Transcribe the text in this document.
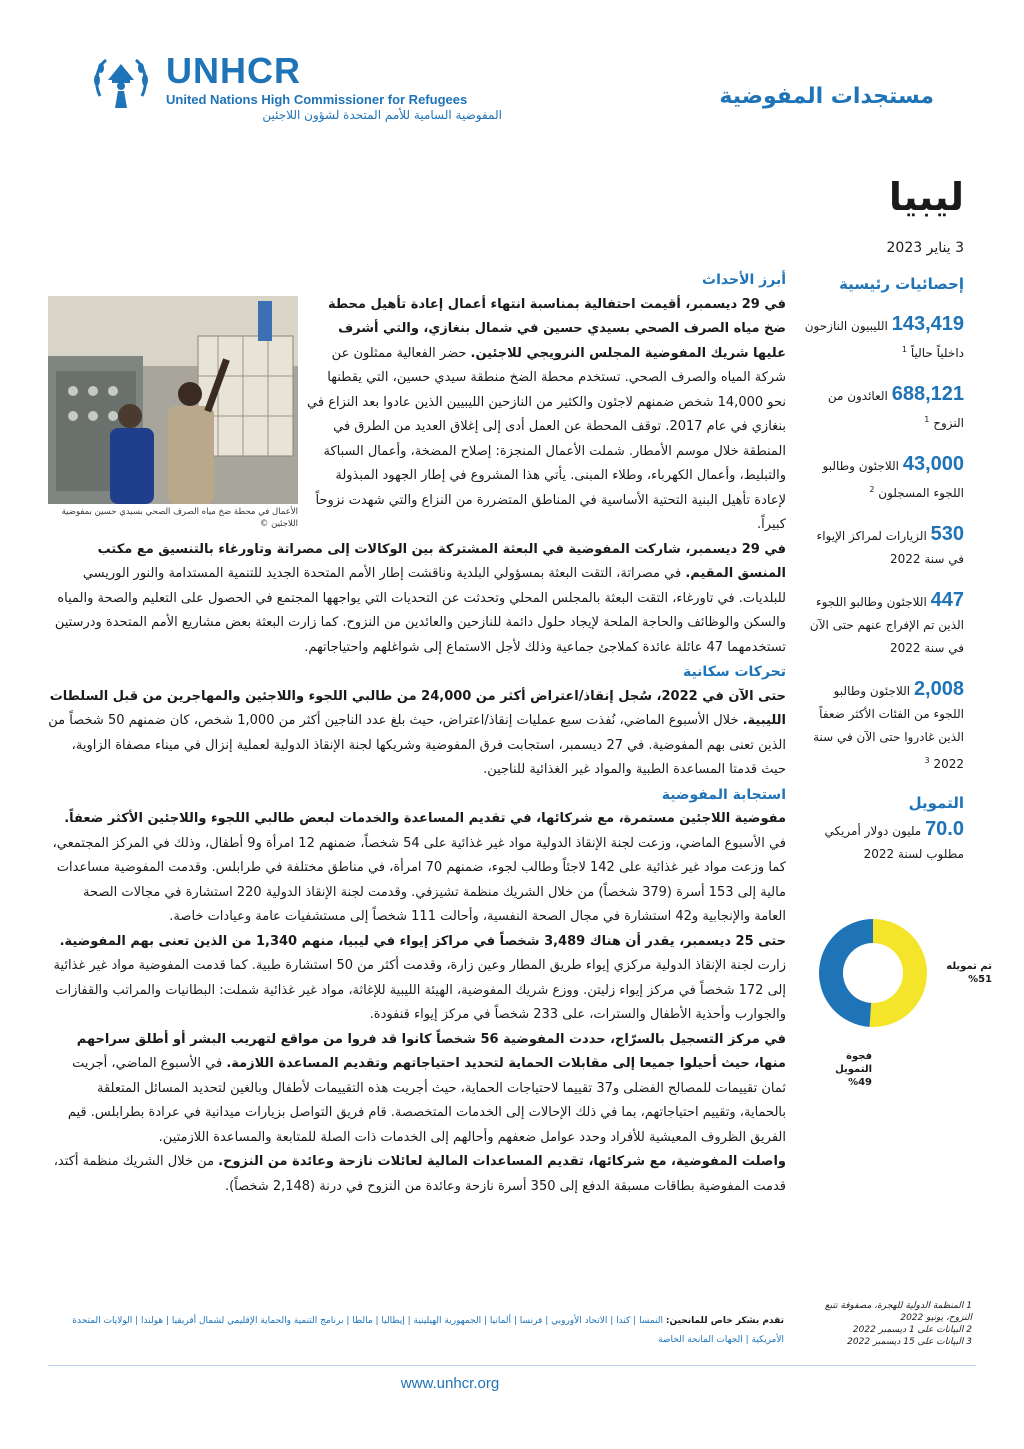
UNHCR
United Nations High Commissioner for Refugees
المفوضية السامية للأمم المتحدة لشؤون اللاجئين
مستجدات المفوضية
ليبيا
3 يناير 2023
إحصائيات رئيسية
143,419 الليبيون النازحون داخلياً حالياً $^1$
688,121 العائدون من النزوح $^1$
43,000 اللاجئون وطالبو اللجوء المسجلون $^2$
530 الزيارات لمراكز الإيواء في سنة 2022
447 اللاجئون وطالبو اللجوء الذين تم الإفراج عنهم حتى الآن في سنة 2022
2,008 اللاجئون وطالبو اللجوء من الفئات الأكثر ضعفاً الذين غادروا حتى الآن في سنة 2022 $^3$
التمويل
70.0 مليون دولار أمريكي
مطلوب لسنة 2022
تم تمويله
%51
فجوة التمويل
%49
1 المنظمة الدولية للهجرة، مصفوفة تتبع النزوح، يونيو 2022
2 البيانات على 1 ديسمبر 2022
3 البيانات على 15 ديسمبر 2022
الأعمال في محطة ضخ مياه الصرف الصحي بسيدي حسين بمفوضية اللاجئين ©
أبرز الأحداث

في 29 ديسمبر، أقيمت احتفالية بمناسبة انتهاء أعمال إعادة تأهيل محطة ضخ مياه الصرف الصحي بسيدي حسين في شمال بنغازي، والتي أشرف عليها شريك المفوضية المجلس النرويجي للاجئين. حضر الفعالية ممثلون عن شركة المياه والصرف الصحي. تستخدم محطة الضخ منطقة سيدي حسين، التي يقطنها نحو 14,000 شخص ضمنهم لاجئون والكثير من النازحين الليبيين الذين عادوا بعد النزاع في بنغازي في عام 2017. توقف المحطة عن العمل أدى إلى إغلاق العديد من الطرق في المنطقة خلال موسم الأمطار. شملت الأعمال المنجزة: إصلاح المضخة، وأعمال السباكة والتبليط، وأعمال الكهرباء، وطلاء المبنى. يأتي هذا المشروع في إطار الجهود المبذولة لإعادة تأهيل البنية التحتية الأساسية في المناطق المتضررة من النزاع والتي شهدت نزوحاً كبيراً.

في 29 ديسمبر، شاركت المفوضية في البعثة المشتركة بين الوكالات إلى مصراتة وتاورغاء بالتنسيق مع مكتب المنسق المقيم. في مصراتة، التقت البعثة بمسؤولي البلدية وناقشت إطار الأمم المتحدة الجديد للتنمية المستدامة والنور الوريسي للبلديات. في تاورغاء، التقت البعثة بالمجلس المحلي وتحدثت عن التحديات التي يواجهها المجتمع في الحصول على التعليم والصحة والمياه والسكن والوظائف والحاجة الملحة لإيجاد حلول دائمة للنازحين والعائدين من النزوح. كما زارت البعثة بعض مشاريع الأمم المتحدة ودرستين تستخدمهما 47 عائلة عائدة كملاجئ جماعية وذلك لأجل الاستماع إلى شواغلهم واحتياجاتهم.

تحركات سكانية

حتى الآن في 2022، سُجل إنقاذ/اعتراض أكثر من 24,000 من طالبي اللجوء واللاجئين والمهاجرين من قبل السلطات الليبية. خلال الأسبوع الماضي، نُفذت سبع عمليات إنقاذ/اعتراض، حيث بلغ عدد الناجين أكثر من 1,000 شخص، كان ضمنهم 50 شخصاً من الذين تعنى بهم المفوضية. في 27 ديسمبر، استجابت فرق المفوضية وشريكها لجنة الإنقاذ الدولية لعملية إنزال في ميناء مصفاة الزاوية، حيث قدمتا المساعدة الطبية والمواد غير الغذائية للناجين.

استجابة المفوضية

مفوضية اللاجئين مستمرة، مع شركائها، في تقديم المساعدة والخدمات لبعض طالبي اللجوء واللاجئين الأكثر ضعفاً. في الأسبوع الماضي، وزعت لجنة الإنقاذ الدولية مواد غير غذائية على 54 شخصاً، ضمنهم 12 امرأة و9 أطفال، وذلك في المركز المجتمعي، كما وزعت مواد غير غذائية على 142 لاجئاً وطالب لجوء، ضمنهم 70 امرأة، في مناطق مختلفة في طرابلس. وقدمت المفوضية مساعدات مالية إلى 153 أسرة (379 شخصاً) من خلال الشريك منظمة تشيزفي. وقدمت لجنة الإنقاذ الدولية 220 استشارة في مجالات الصحة العامة والإنجابية و42 استشارة في مجال الصحة النفسية، وأحالت 111 شخصاً إلى مستشفيات عامة وعيادات خاصة.

حتى 25 ديسمبر، يقدر أن هناك 3,489 شخصاً في مراكز إيواء في ليبيا، منهم 1,340 من الذين تعنى بهم المفوضية. زارت لجنة الإنقاذ الدولية مركزي إيواء طريق المطار وعين زارة، وقدمت أكثر من 50 استشارة طبية. كما قدمت المفوضية مواد غير غذائية إلى 172 شخصاً في مركز إيواء زليتن. ووزع شريك المفوضية، الهيئة الليبية للإغاثة، مواد غير غذائية شملت: البطانيات والمراتب والقفازات والجوارب وأحذية الأطفال والسترات، على 233 شخصاً في مركز إيواء قنفودة.

في مركز التسجيل بالسرّاج، حددت المفوضية 56 شخصاً كانوا قد فروا من مواقع لتهريب البشر أو أطلق سراحهم منها، حيث أحيلوا جميعا إلى مقابلات الحماية لتحديد احتياجاتهم وتقديم المساعدة اللازمة. في الأسبوع الماضي، أجريت ثمان تقييمات للمصالح الفضلى و37 تقييما لاحتياجات الحماية، حيث أجريت هذه التقييمات لأطفال وبالغين لتحديد المسائل المتعلقة بالحماية، وتقييم احتياجاتهم، بما في ذلك الإحالات إلى الخدمات المتخصصة. قام فريق التواصل بزيارات ميدانية في عرادة بطرابلس. قيم الفريق الظروف المعيشية للأفراد وحدد عوامل ضعفهم وأحالهم إلى الخدمات ذات الصلة للمتابعة والمساعدة اللازمتين.

واصلت المفوضية، مع شركائها، تقديم المساعدات المالية لعائلات نازحة وعائدة من النزوح. من خلال الشريك منظمة أكتد، قدمت المفوضية بطاقات مسبقة الدفع إلى 350 أسرة نازحة وعائدة من النزوح في درنة (2,148 شخصاً).

تقدم بشكر خاص للمانحين: النمسا | كندا | الاتحاد الأوروبي | فرنسا | ألمانيا | الجمهورية الهيلينية | إيطاليا | مالطا | برنامج التنمية والحماية الإقليمي لشمال أفريقيا | هولندا | الولايات المتحدة الأمريكية | الجهات المانحة الخاصة
www.unhcr.org
